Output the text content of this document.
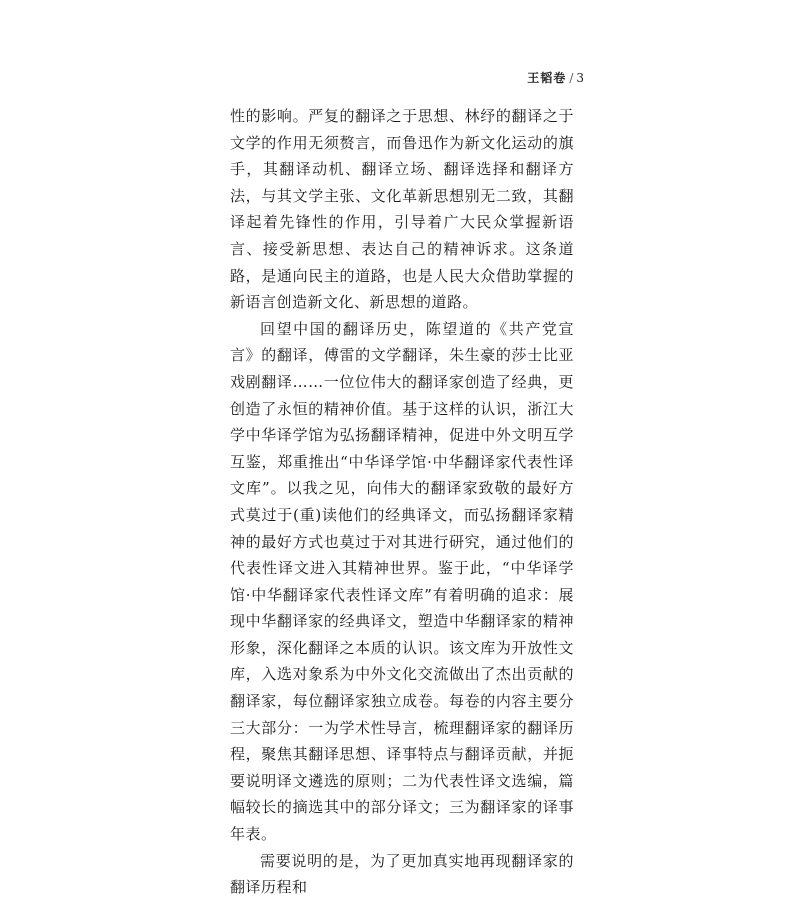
王韬卷 / 3

性的影响。严复的翻译之于思想、林纾的翻译之于文学的作用无须赘言，而鲁迅作为新文化运动的旗手，其翻译动机、翻译立场、翻译选择和翻译方法，与其文学主张、文化革新思想别无二致，其翻译起着先锋性的作用，引导着广大民众掌握新语言、接受新思想、表达自己的精神诉求。这条道路，是通向民主的道路，也是人民大众借助掌握的新语言创造新文化、新思想的道路。

回望中国的翻译历史，陈望道的《共产党宣言》的翻译，傅雷的文学翻译，朱生豪的莎士比亚戏剧翻译……一位位伟大的翻译家创造了经典，更创造了永恒的精神价值。基于这样的认识，浙江大学中华译学馆为弘扬翻译精神，促进中外文明互学互鉴，郑重推出“中华译学馆·中华翻译家代表性译文库”。以我之见，向伟大的翻译家致敬的最好方式莫过于(重)读他们的经典译文，而弘扬翻译家精神的最好方式也莫过于对其进行研究，通过他们的代表性译文进入其精神世界。鉴于此，“中华译学馆·中华翻译家代表性译文库”有着明确的追求：展现中华翻译家的经典译文，塑造中华翻译家的精神形象，深化翻译之本质的认识。该文库为开放性文库，入选对象系为中外文化交流做出了杰出贡献的翻译家，每位翻译家独立成卷。每卷的内容主要分三大部分：一为学术性导言，梳理翻译家的翻译历程，聚焦其翻译思想、译事特点与翻译贡献，并扼要说明译文遴选的原则；二为代表性译文选编，篇幅较长的摘选其中的部分译文；三为翻译家的译事年表。

需要说明的是，为了更加真实地再现翻译家的翻译历程和
